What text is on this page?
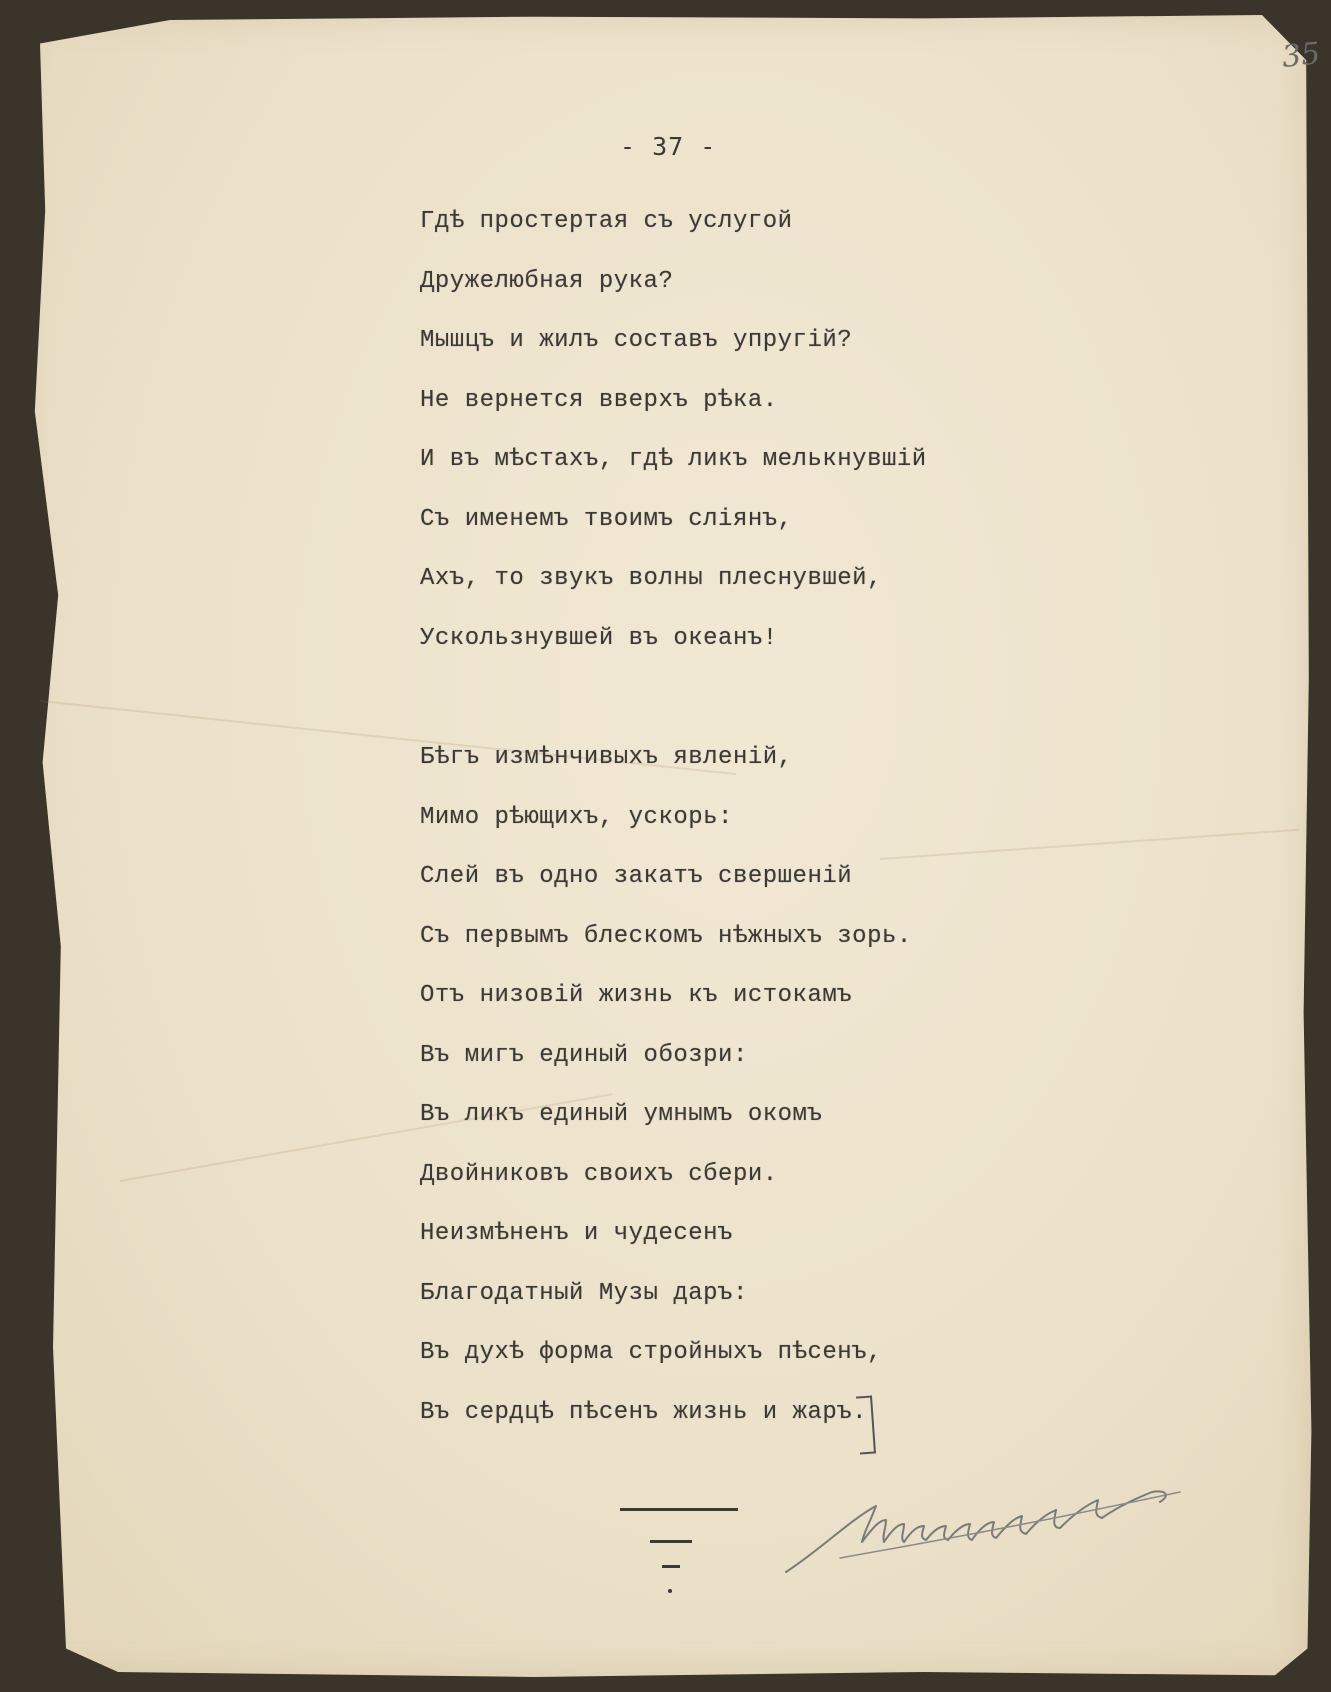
35
- 37 -
Гдѣ простертая съ услугой
Дружелюбная рука?
Мышцъ и жилъ составъ упругiй?
Не вернется вверхъ рѣка.
И въ мѣстахъ, гдѣ ликъ мелькнувшiй
Съ именемъ твоимъ слiянъ,
Ахъ, то звукъ волны плеснувшей,
Ускользнувшей въ океанъ!
Бѣгъ измѣнчивыхъ явленiй,
Мимо рѣющихъ, ускорь:
Слей въ одно закатъ свершенiй
Съ первымъ блескомъ нѣжныхъ зорь.
Отъ низовiй жизнь къ истокамъ
Въ мигъ единый обозри:
Въ ликъ единый умнымъ окомъ
Двойниковъ своихъ сбери.
Неизмѣненъ и чудесенъ
Благодатный Музы даръ:
Въ духѣ форма стройныхъ пѣсенъ,
Въ сердцѣ пѣсенъ жизнь и жаръ.
